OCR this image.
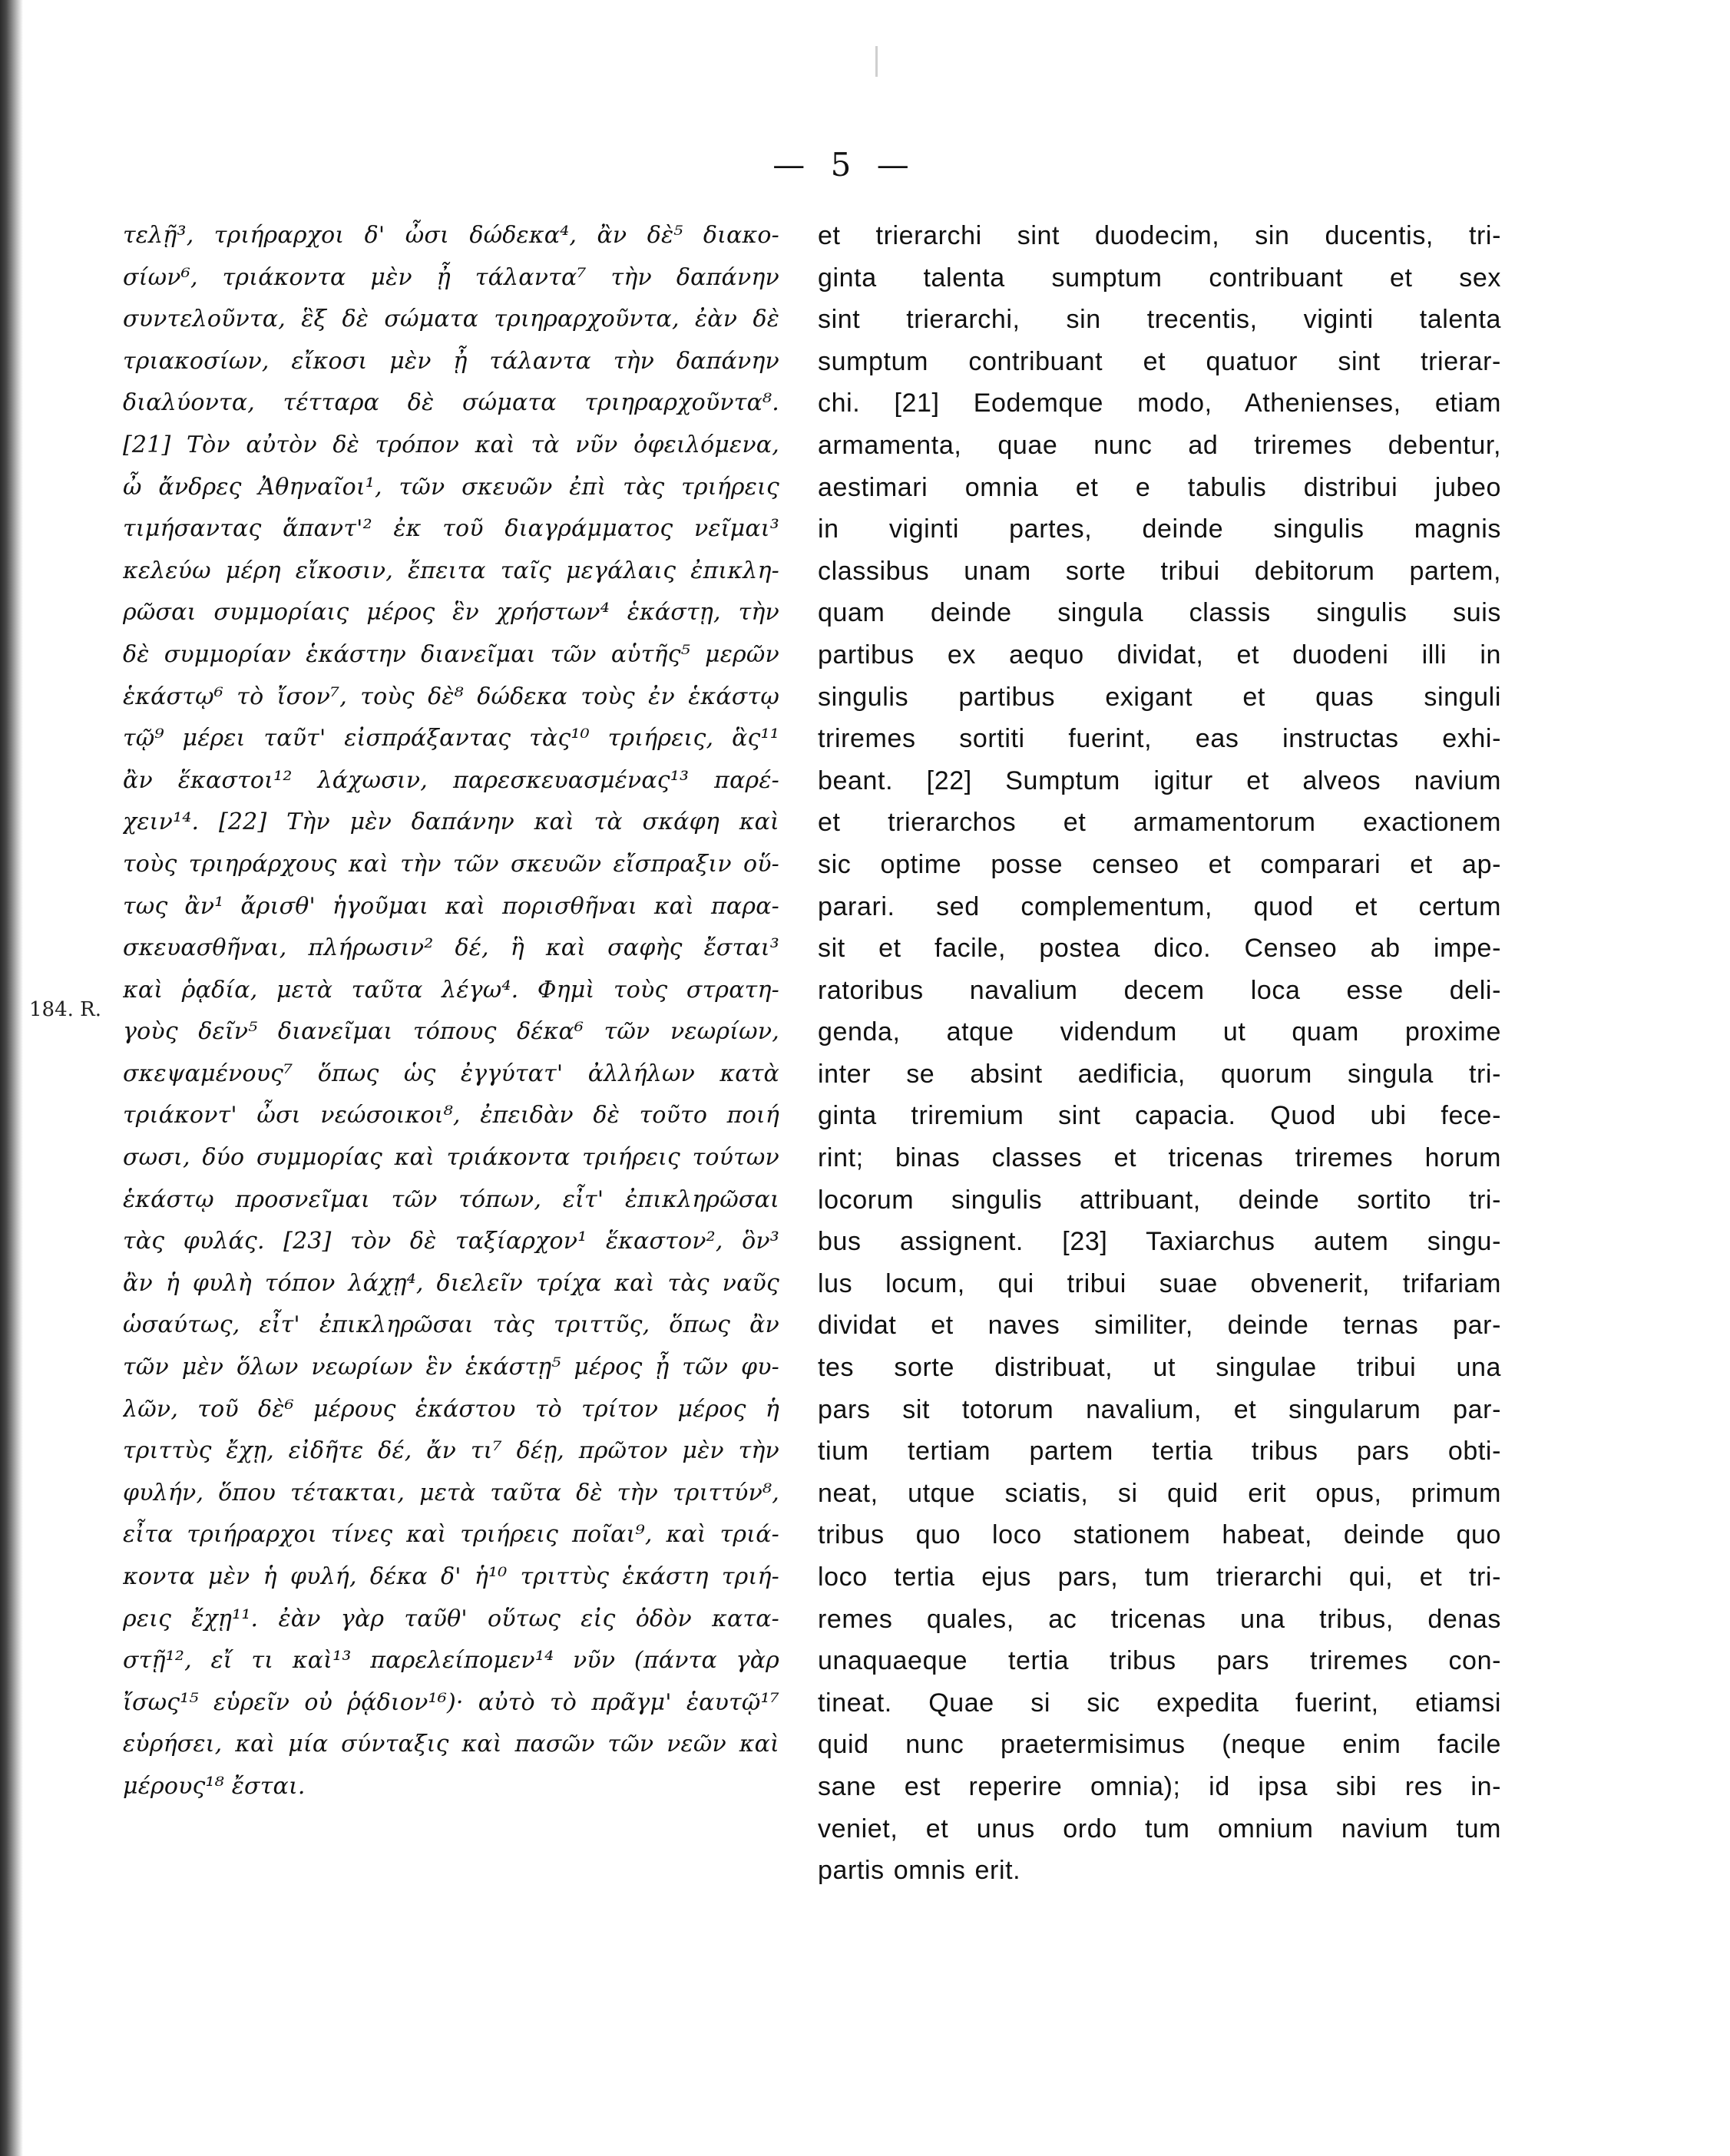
— 5 —
184. R.
τελῇ³, τριήραρχοι δ' ὦσι δώδεκα⁴, ἂν δὲ⁵ διακο-
σίων⁶, τριάκοντα μὲν ᾖ τάλαντα⁷ τὴν δαπάνην
συντελοῦντα, ἓξ δὲ σώματα τριηραρχοῦντα, ἐὰν δὲ
τριακοσίων, εἴκοσι μὲν ᾖ τάλαντα τὴν δαπάνην
διαλύοντα, τέτταρα δὲ σώματα τριηραρχοῦντα⁸.
[21] Τὸν αὐτὸν δὲ τρόπον καὶ τὰ νῦν ὀφειλόμενα,
ὦ ἄνδρες Ἀθηναῖοι¹, τῶν σκευῶν ἐπὶ τὰς τριήρεις
τιμήσαντας ἅπαντ'² ἐκ τοῦ διαγράμματος νεῖμαι³
κελεύω μέρη εἴκοσιν, ἔπειτα ταῖς μεγάλαις ἐπικλη-
ρῶσαι συμμορίαις μέρος ἓν χρήστων⁴ ἑκάστῃ, τὴν
δὲ συμμορίαν ἑκάστην διανεῖμαι τῶν αὑτῆς⁵ μερῶν
ἑκάστῳ⁶ τὸ ἴσον⁷, τοὺς δὲ⁸ δώδεκα τοὺς ἐν ἑκάστῳ
τῷ⁹ μέρει ταῦτ' εἰσπράξαντας τὰς¹⁰ τριήρεις, ἃς¹¹
ἂν ἕκαστοι¹² λάχωσιν, παρεσκευασμένας¹³ παρέ-
χειν¹⁴. [22] Τὴν μὲν δαπάνην καὶ τὰ σκάφη καὶ
τοὺς τριηράρχους καὶ τὴν τῶν σκευῶν εἴσπραξιν οὕ-
τως ἂν¹ ἄρισθ' ἡγοῦμαι καὶ πορισθῆναι καὶ παρα-
σκευασθῆναι, πλήρωσιν² δέ, ἣ καὶ σαφὴς ἔσται³
καὶ ῥᾳδία, μετὰ ταῦτα λέγω⁴. Φημὶ τοὺς στρατη-
γοὺς δεῖν⁵ διανεῖμαι τόπους δέκα⁶ τῶν νεωρίων,
σκεψαμένους⁷ ὅπως ὡς ἐγγύτατ' ἀλλήλων κατὰ
τριάκοντ' ὦσι νεώσοικοι⁸, ἐπειδὰν δὲ τοῦτο ποιή
σωσι, δύο συμμορίας καὶ τριάκοντα τριήρεις τούτων
ἑκάστῳ προσνεῖμαι τῶν τόπων, εἶτ' ἐπικληρῶσαι
τὰς φυλάς. [23] τὸν δὲ ταξίαρχον¹ ἕκαστον², ὃν³
ἂν ἡ φυλὴ τόπον λάχῃ⁴, διελεῖν τρίχα καὶ τὰς ναῦς
ὡσαύτως, εἶτ' ἐπικληρῶσαι τὰς τριττῦς, ὅπως ἂν
τῶν μὲν ὅλων νεωρίων ἓν ἑκάστῃ⁵ μέρος ᾖ τῶν φυ-
λῶν, τοῦ δὲ⁶ μέρους ἑκάστου τὸ τρίτον μέρος ἡ
τριττὺς ἔχῃ, εἰδῆτε δέ, ἄν τι⁷ δέῃ, πρῶτον μὲν τὴν
φυλήν, ὅπου τέτακται, μετὰ ταῦτα δὲ τὴν τριττύν⁸,
εἶτα τριήραρχοι τίνες καὶ τριήρεις ποῖαι⁹, καὶ τριά-
κοντα μὲν ἡ φυλή, δέκα δ' ἡ¹⁰ τριττὺς ἑκάστη τριή-
ρεις ἔχῃ¹¹. ἐὰν γὰρ ταῦθ' οὕτως εἰς ὁδὸν κατα-
στῇ¹², εἴ τι καὶ¹³ παρελείπομεν¹⁴ νῦν (πάντα γὰρ
ἴσως¹⁵ εὑρεῖν οὐ ῥᾴδιον¹⁶)· αὐτὸ τὸ πρᾶγμ' ἑαυτῷ¹⁷
εὑρήσει, καὶ μία σύνταξις καὶ πασῶν τῶν νεῶν καὶ
μέρους¹⁸ ἔσται.
et trierarchi sint duodecim, sin ducentis, tri-
ginta talenta sumptum contribuant et sex
sint trierarchi, sin trecentis, viginti talenta
sumptum contribuant et quatuor sint trierar-
chi. [21] Eodemque modo, Athenienses, etiam
armamenta, quae nunc ad triremes debentur,
aestimari omnia et e tabulis distribui jubeo
in viginti partes, deinde singulis magnis
classibus unam sorte tribui debitorum partem,
quam deinde singula classis singulis suis
partibus ex aequo dividat, et duodeni illi in
singulis partibus exigant et quas singuli
triremes sortiti fuerint, eas instructas exhi-
beant. [22] Sumptum igitur et alveos navium
et trierarchos et armamentorum exactionem
sic optime posse censeo et comparari et ap-
parari. sed complementum, quod et certum
sit et facile, postea dico. Censeo ab impe-
ratoribus navalium decem loca esse deli-
genda, atque videndum ut quam proxime
inter se absint aedificia, quorum singula tri-
ginta triremium sint capacia. Quod ubi fece-
rint; binas classes et tricenas triremes horum
locorum singulis attribuant, deinde sortito tri-
bus assignent. [23] Taxiarchus autem singu-
lus locum, qui tribui suae obvenerit, trifariam
dividat et naves similiter, deinde ternas par-
tes sorte distribuat, ut singulae tribui una
pars sit totorum navalium, et singularum par-
tium tertiam partem tertia tribus pars obti-
neat, utque sciatis, si quid erit opus, primum
tribus quo loco stationem habeat, deinde quo
loco tertia ejus pars, tum trierarchi qui, et tri-
remes quales, ac tricenas una tribus, denas
unaquaeque tertia tribus pars triremes con-
tineat. Quae si sic expedita fuerint, etiamsi
quid nunc praetermisimus (neque enim facile
sane est reperire omnia); id ipsa sibi res in-
veniet, et unus ordo tum omnium navium tum
partis omnis erit.
